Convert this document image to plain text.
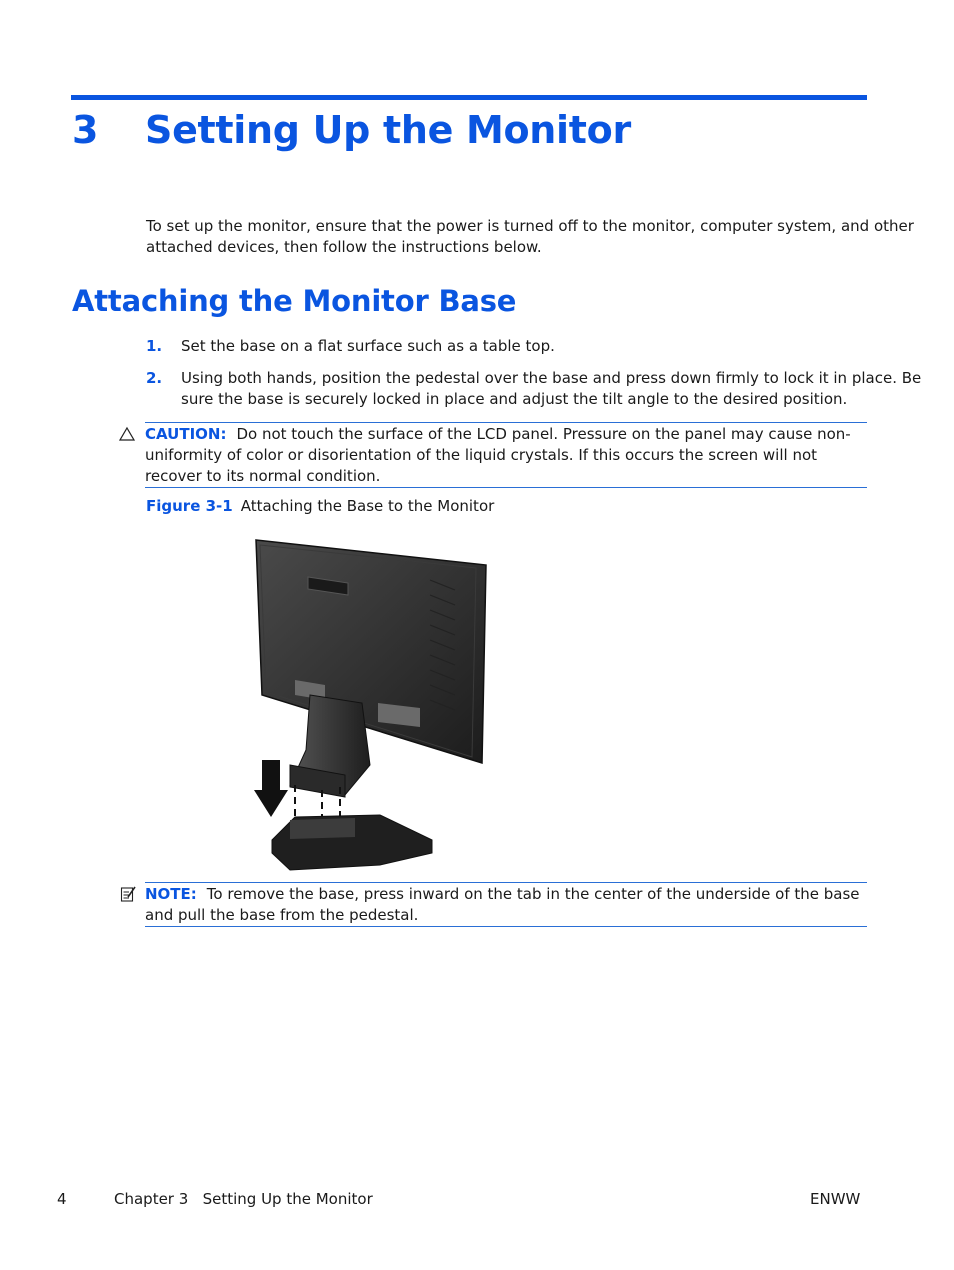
3 Setting Up the Monitor
To set up the monitor, ensure that the power is turned off to the monitor, computer system, and other
attached devices, then follow the instructions below.
Attaching the Monitor Base
1. Set the base on a flat surface such as a table top.
2. Using both hands, position the pedestal over the base and press down firmly to lock it in place. Be
sure the base is securely locked in place and adjust the tilt angle to the desired position.
CAUTION: Do not touch the surface of the LCD panel. Pressure on the panel may cause non-uniformity of color or disorientation of the liquid crystals. If this occurs the screen will not recover to its normal condition.
Figure 3-1 Attaching the Base to the Monitor
NOTE: To remove the base, press inward on the tab in the center of the underside of the base and pull the base from the pedestal.
4	Chapter 3   Setting Up the Monitor	ENWW
